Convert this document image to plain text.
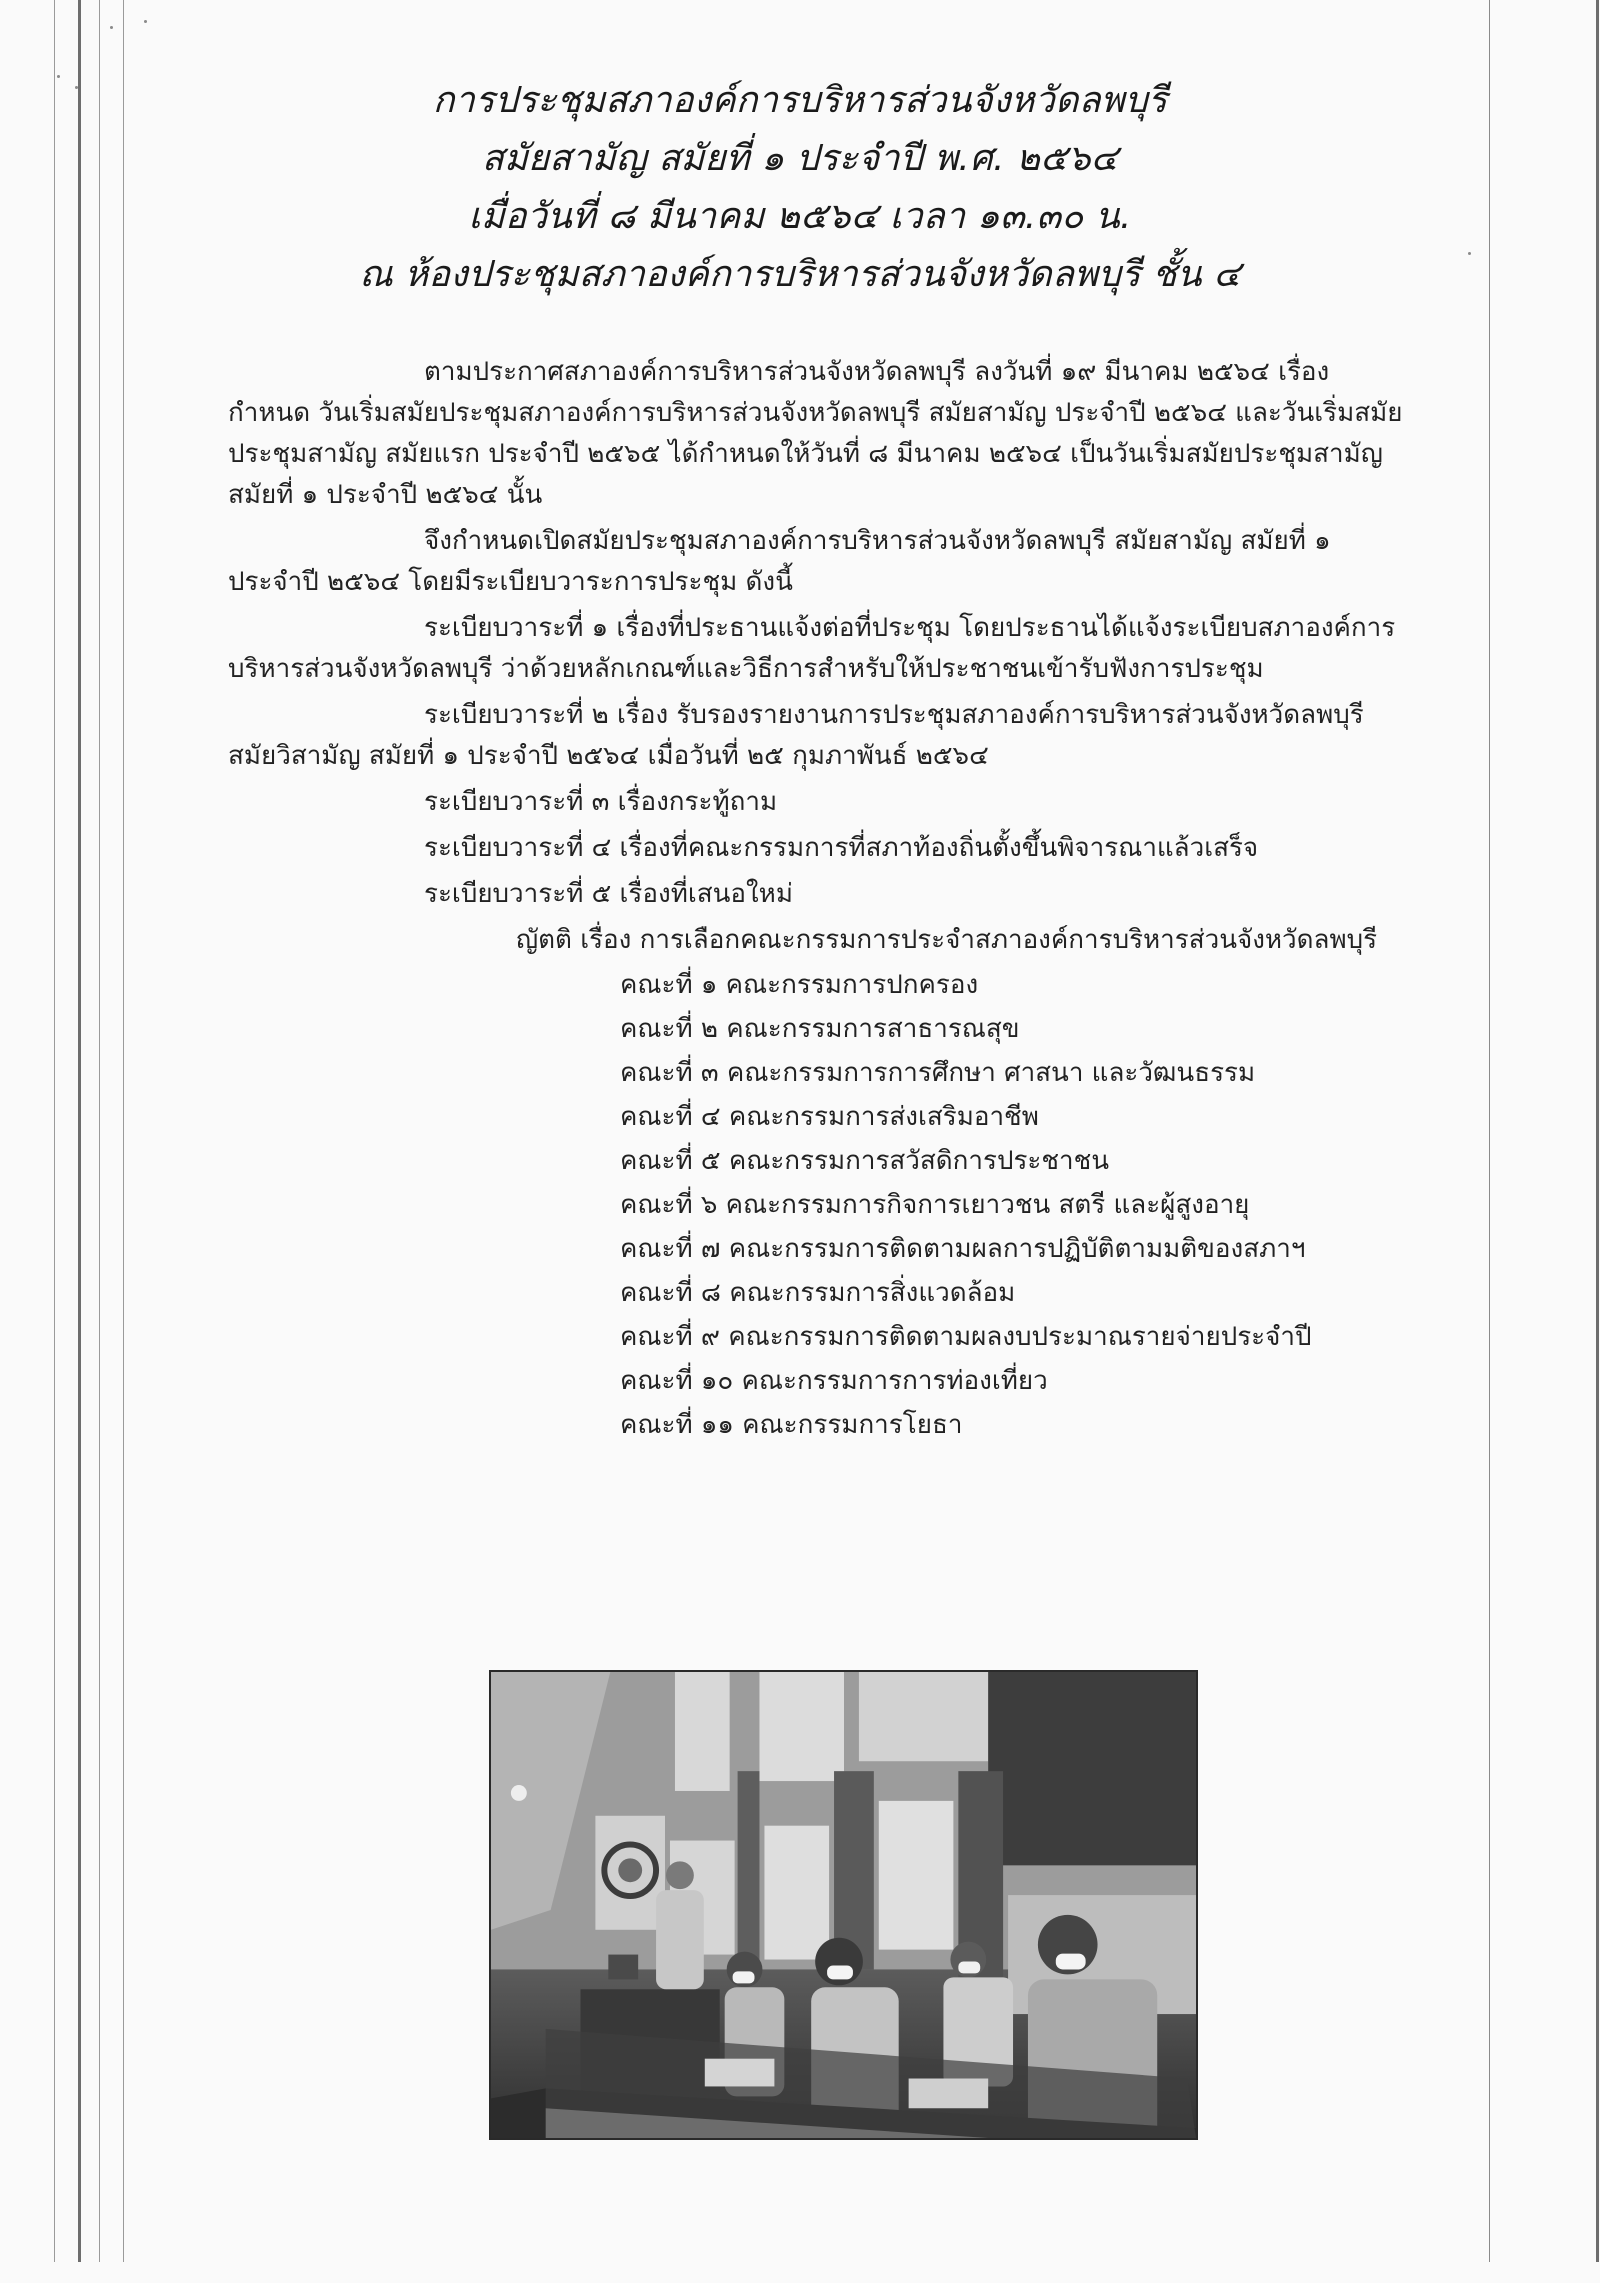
การประชุมสภาองค์การบริหารส่วนจังหวัดลพบุรี
สมัยสามัญ สมัยที่ ๑ ประจำปี พ.ศ. ๒๕๖๔
เมื่อวันที่ ๘ มีนาคม ๒๕๖๔ เวลา ๑๓.๓๐ น.
ณ ห้องประชุมสภาองค์การบริหารส่วนจังหวัดลพบุรี ชั้น ๔
ตามประกาศสภาองค์การบริหารส่วนจังหวัดลพบุรี ลงวันที่ ๑๙ มีนาคม ๒๕๖๔ เรื่อง
กำหนด วันเริ่มสมัยประชุมสภาองค์การบริหารส่วนจังหวัดลพบุรี สมัยสามัญ ประจำปี ๒๕๖๔ และวันเริ่มสมัย
ประชุมสามัญ สมัยแรก ประจำปี ๒๕๖๕ ได้กำหนดให้วันที่ ๘ มีนาคม ๒๕๖๔ เป็นวันเริ่มสมัยประชุมสามัญ
สมัยที่ ๑ ประจำปี ๒๕๖๔ นั้น
จึงกำหนดเปิดสมัยประชุมสภาองค์การบริหารส่วนจังหวัดลพบุรี สมัยสามัญ สมัยที่ ๑
ประจำปี ๒๕๖๔ โดยมีระเบียบวาระการประชุม ดังนี้
ระเบียบวาระที่ ๑ เรื่องที่ประธานแจ้งต่อที่ประชุม โดยประธานได้แจ้งระเบียบสภาองค์การ
บริหารส่วนจังหวัดลพบุรี ว่าด้วยหลักเกณฑ์และวิธีการสำหรับให้ประชาชนเข้ารับฟังการประชุม
ระเบียบวาระที่ ๒ เรื่อง รับรองรายงานการประชุมสภาองค์การบริหารส่วนจังหวัดลพบุรี
สมัยวิสามัญ สมัยที่ ๑ ประจำปี ๒๕๖๔ เมื่อวันที่ ๒๕ กุมภาพันธ์ ๒๕๖๔
ระเบียบวาระที่ ๓ เรื่องกระทู้ถาม
ระเบียบวาระที่ ๔ เรื่องที่คณะกรรมการที่สภาท้องถิ่นตั้งขึ้นพิจารณาแล้วเสร็จ
ระเบียบวาระที่ ๕ เรื่องที่เสนอใหม่
ญัตติ เรื่อง การเลือกคณะกรรมการประจำสภาองค์การบริหารส่วนจังหวัดลพบุรี
คณะที่ ๑ คณะกรรมการปกครอง
คณะที่ ๒ คณะกรรมการสาธารณสุข
คณะที่ ๓ คณะกรรมการการศึกษา ศาสนา และวัฒนธรรม
คณะที่ ๔ คณะกรรมการส่งเสริมอาชีพ
คณะที่ ๕ คณะกรรมการสวัสดิการประชาชน
คณะที่ ๖ คณะกรรมการกิจการเยาวชน สตรี และผู้สูงอายุ
คณะที่ ๗ คณะกรรมการติดตามผลการปฏิบัติตามมติของสภาฯ
คณะที่ ๘ คณะกรรมการสิ่งแวดล้อม
คณะที่ ๙ คณะกรรมการติดตามผลงบประมาณรายจ่ายประจำปี
คณะที่ ๑๐ คณะกรรมการการท่องเที่ยว
คณะที่ ๑๑ คณะกรรมการโยธา
